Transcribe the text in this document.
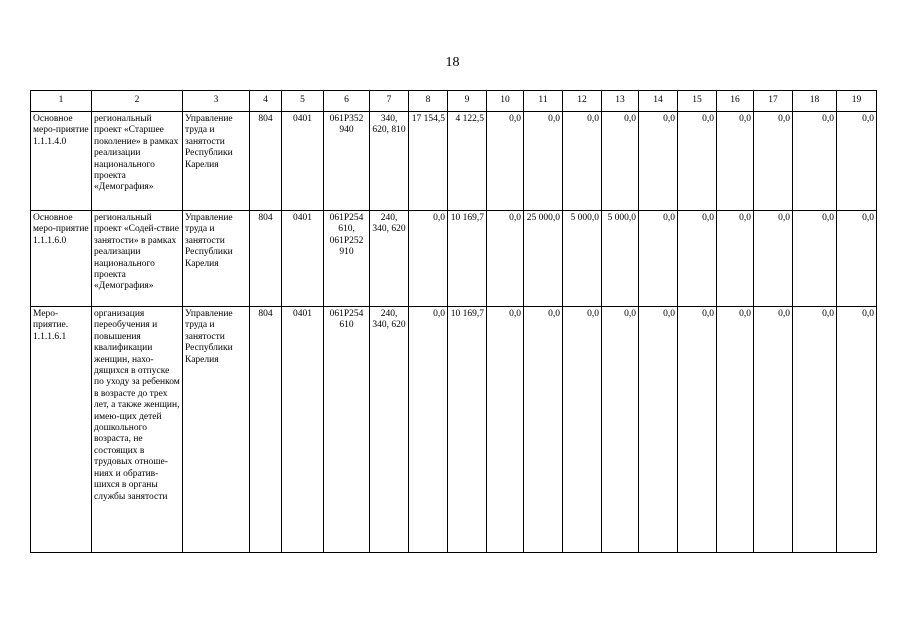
18
1	2	3	4	5	6	7	8	9	10	11	12	13	14	15	16	17	18	19
Основное меро-приятие 1.1.1.4.0	региональный проект «Старшее поколение» в рамках реализации национального проекта «Демография»	Управление труда и занятости Республики Карелия	804	0401	061P352 940	340, 620, 810	17 154,5	4 122,5	0,0	0,0	0,0	0,0	0,0	0,0	0,0	0,0	0,0	0,0
Основное меро-приятие 1.1.1.6.0	региональный проект «Содей-ствие занятости» в рамках реализации национального проекта «Демография»	Управление труда и занятости Республики Карелия	804	0401	061P254 610, 061P252 910	240, 340, 620	0,0	10 169,7	0,0	25 000,0	5 000,0	5 000,0	0,0	0,0	0,0	0,0	0,0	0,0
Меро-приятие. 1.1.1.6.1	организация переобучения и повышения квалификации женщин, нахо-дящихся в отпуске по уходу за ребенком в возрасте до трех лет, а также женщин, имею-щих детей дошкольного возраста, не состоящих в трудовых отноше-ниях и обратив-шихся в органы службы занятости	Управление труда и занятости Республики Карелия	804	0401	061P254 610	240, 340, 620	0,0	10 169,7	0,0	0,0	0,0	0,0	0,0	0,0	0,0	0,0	0,0	0,0
